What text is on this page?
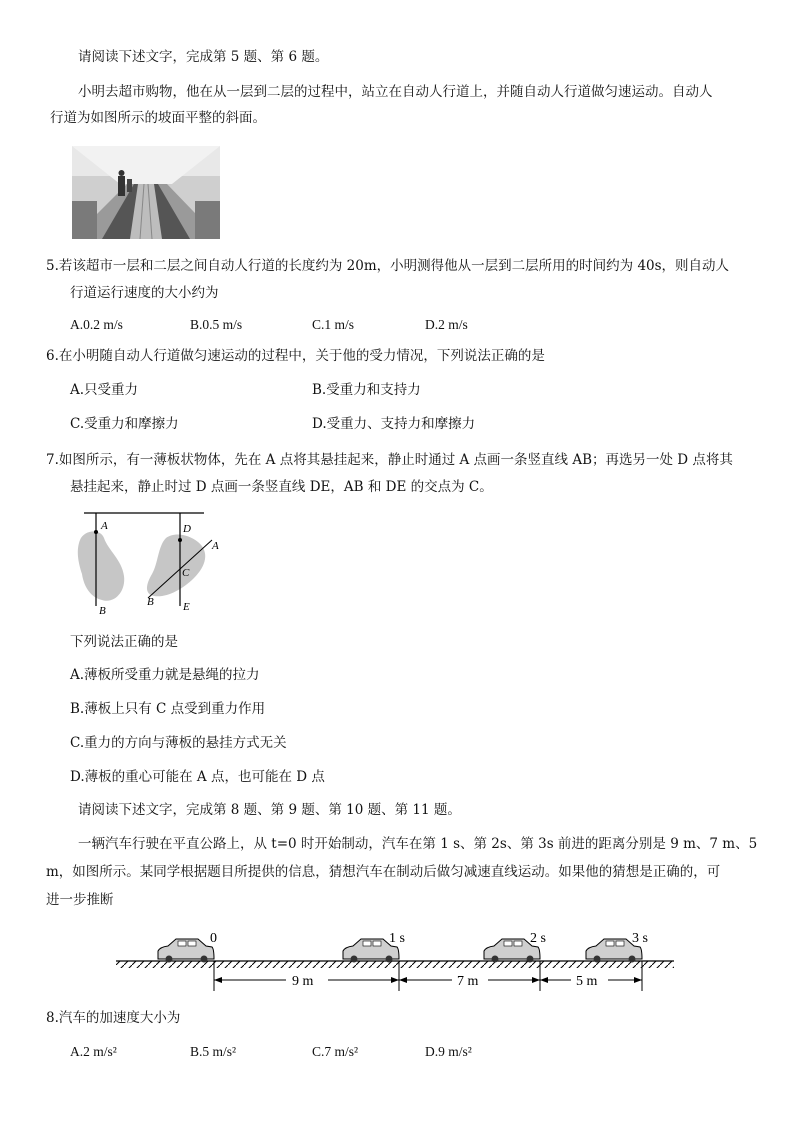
请阅读下述文字，完成第 5 题、第 6 题。
小明去超市购物，他在从一层到二层的过程中，站立在自动人行道上，并随自动人行道做匀速运动。自动人
行道为如图所示的坡面平整的斜面。
5.若该超市一层和二层之间自动人行道的长度约为 20m，小明测得他从一层到二层所用的时间约为 40s，则自动人
行道运行速度的大小约为
A.0.2 m/s	B.0.5 m/s	C.1 m/s	D.2 m/s
6.在小明随自动人行道做匀速运动的过程中，关于他的受力情况，下列说法正确的是
A.只受重力	B.受重力和支持力
C.受重力和摩擦力	D.受重力、支持力和摩擦力
7.如图所示，有一薄板状物体，先在 A 点将其悬挂起来，静止时通过 A 点画一条竖直线 AB；再选另一处 D 点将其
悬挂起来，静止时过 D 点画一条竖直线 DE，AB 和 DE 的交点为 C。
A
B
D
A
C
B	E
下列说法正确的是
A.薄板所受重力就是悬绳的拉力
B.薄板上只有 C 点受到重力作用
C.重力的方向与薄板的悬挂方式无关
D.薄板的重心可能在 A 点，也可能在 D 点
请阅读下述文字，完成第 8 题、第 9 题、第 10 题、第 11 题。
一辆汽车行驶在平直公路上，从 t=0 时开始制动，汽车在第 1 s、第 2s、第 3s 前进的距离分别是 9 m、7 m、5
m，如图所示。某同学根据题目所提供的信息，猜想汽车在制动后做匀减速直线运动。如果他的猜想是正确的，可
进一步推断
0	1 s	2 s	3 s
9 m	7 m	5 m
8.汽车的加速度大小为
A.2 m/s²	B.5 m/s²	C.7 m/s²	D.9 m/s²
